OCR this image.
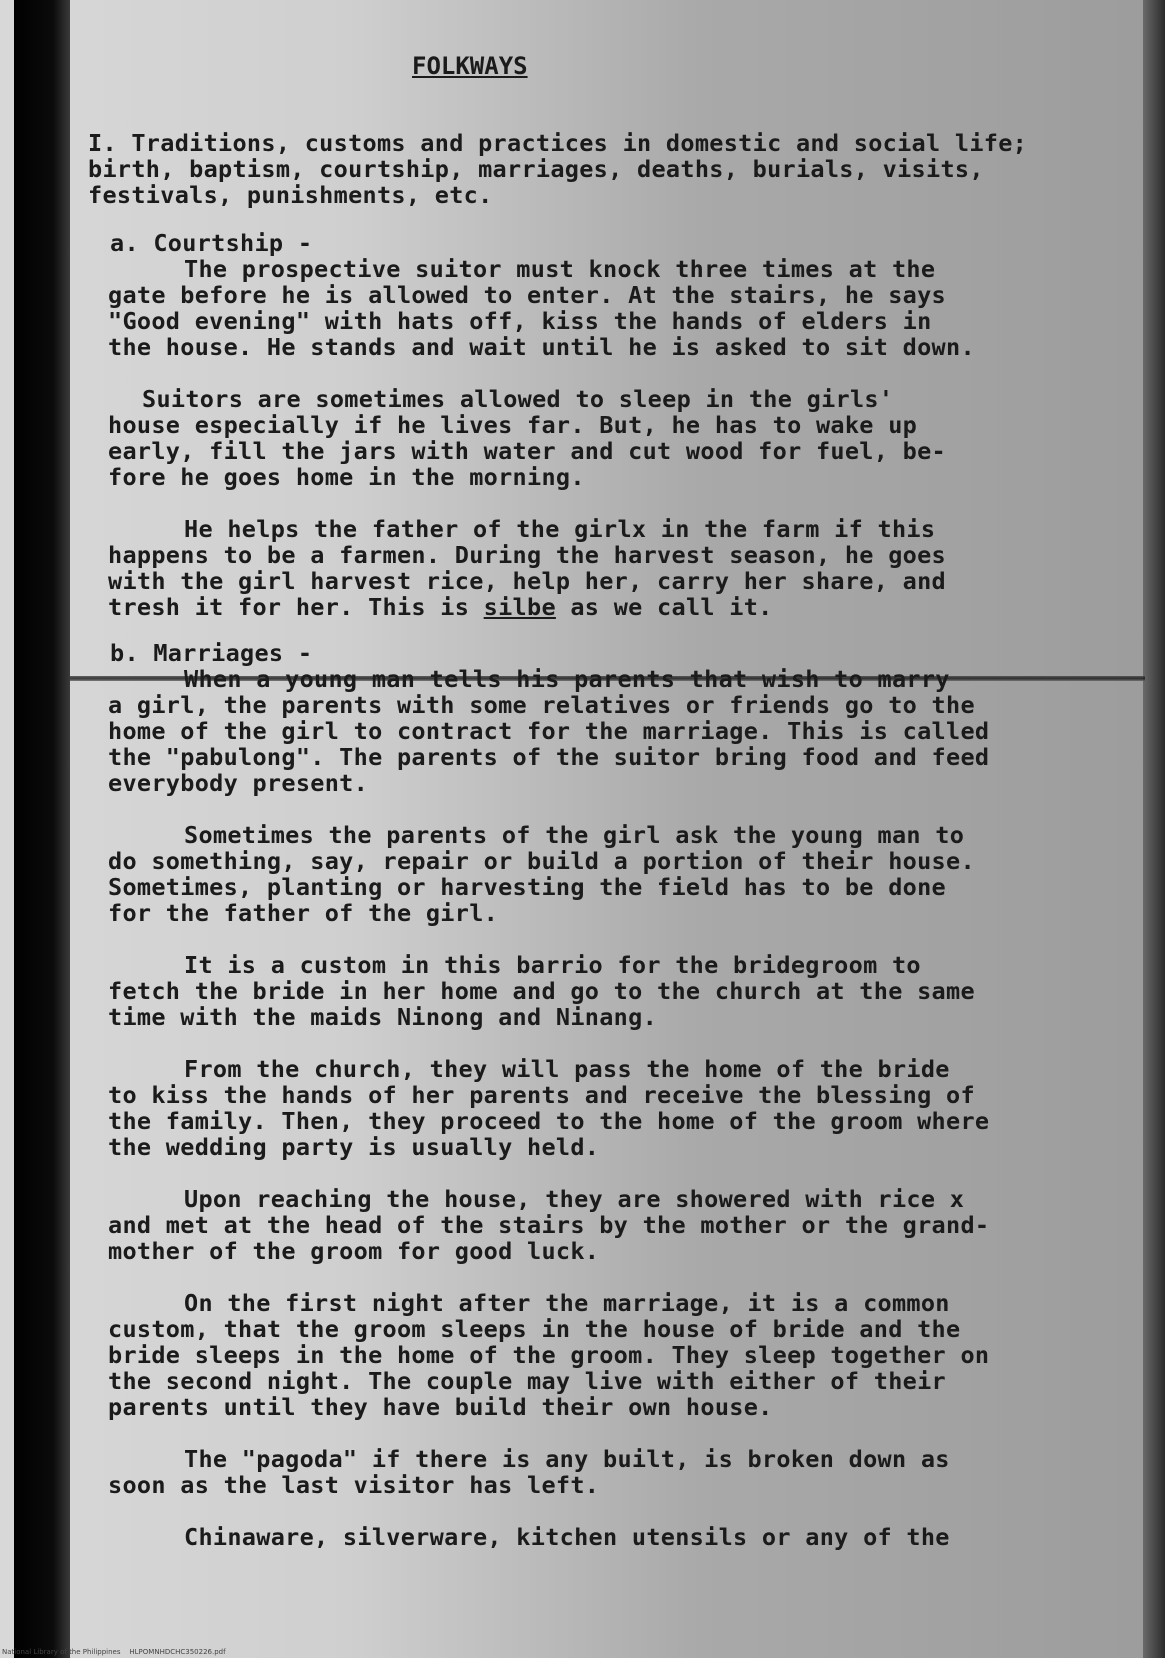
FOLKWAYS

I. Traditions, customs and practices in domestic and social life;

birth, baptism, courtship, marriages, deaths, burials, visits,

festivals, punishments, etc.

a. Courtship -

The prospective suitor must knock three times at the

gate before he is allowed to enter. At the stairs, he says

"Good evening" with hats off, kiss the hands of elders in

the house. He stands and wait until he is asked to sit down.

Suitors are sometimes allowed to sleep in the girls'

house especially if he lives far. But, he has to wake up

early, fill the jars with water and cut wood for fuel, be-

fore he goes home in the morning.

He helps the father of the girlx in the farm if this

happens to be a farmen. During the harvest season, he goes

with the girl harvest rice, help her, carry her share, and

tresh it for her. This is silbe as we call it.

b. Marriages -

When a young man tells his parents that wish to marry

a girl, the parents with some relatives or friends go to the

home of the girl to contract for the marriage. This is called

the "pabulong". The parents of the suitor bring food and feed

everybody present.

Sometimes the parents of the girl ask the young man to

do something, say, repair or build a portion of their house.

Sometimes, planting or harvesting the field has to be done

for the father of the girl.

It is a custom in this barrio for the bridegroom to

fetch the bride in her home and go to the church at the same

time with the maids Ninong and Ninang.

From the church, they will pass the home of the bride

to kiss the hands of her parents and receive the blessing of

the family. Then, they proceed to the home of the groom where

the wedding party is usually held.

Upon reaching the house, they are showered with rice x

and met at the head of the stairs by the mother or the grand-

mother of the groom for good luck.

On the first night after the marriage, it is a common

custom, that the groom sleeps in the house of bride and the

bride sleeps in the home of the groom. They sleep together on

the second night. The couple may live with either of their

parents until they have build their own house.

The "pagoda" if there is any built, is broken down as

soon as the last visitor has left.

Chinaware, silverware, kitchen utensils or any of the

National Library of the Philippines    HLPOMNHDCHC350226.pdf
